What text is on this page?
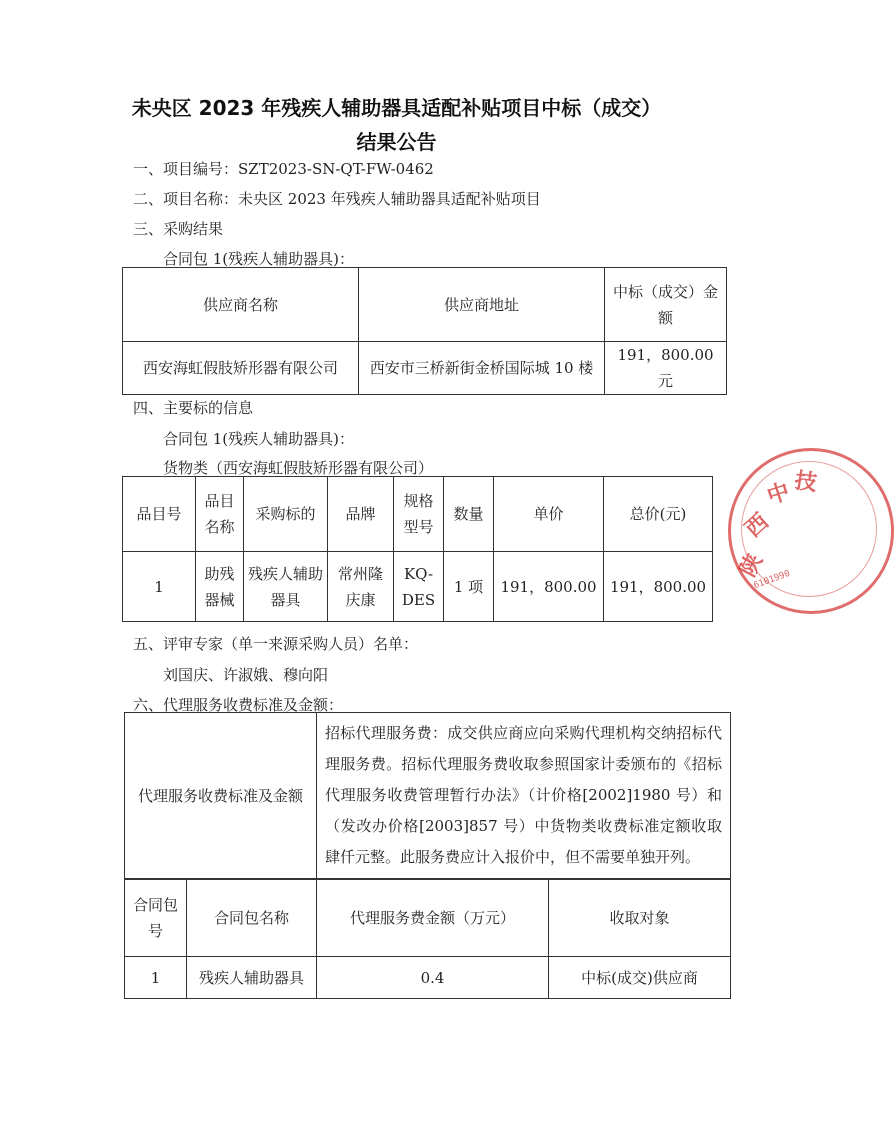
未央区 2023 年残疾人辅助器具适配补贴项目中标（成交）
结果公告
一、项目编号：SZT2023-SN-QT-FW-0462
二、项目名称：未央区 2023 年残疾人辅助器具适配补贴项目
三、采购结果
合同包 1(残疾人辅助器具)：
供应商名称	供应商地址	中标（成交）金额
西安海虹假肢矫形器有限公司	西安市三桥新街金桥国际城 10 楼	191，800.00 元
四、主要标的信息
合同包 1(残疾人辅助器具)：
货物类（西安海虹假肢矫形器有限公司）
品目号	品目名称	采购标的	品牌	规格型号	数量	单价	总价(元)
1	助残器械	残疾人辅助器具	常州隆庆康	KQ-DES	1 项	191，800.00	191，800.00
五、评审专家（单一来源采购人员）名单：
刘国庆、许淑娥、穆向阳
六、代理服务收费标准及金额：
代理服务收费标准及金额	招标代理服务费：成交供应商应向采购代理机构交纳招标代理服务费。招标代理服务费收取参照国家计委颁布的《招标代理服务收费管理暂行办法》（计价格[2002]1980 号）和（发改办价格[2003]857 号）中货物类收费标准定额收取肆仟元整。此服务费应计入报价中，但不需要单独开列。
合同包号	合同包名称	代理服务费金额（万元）	收取对象
1	残疾人辅助器具	0.4	中标(成交)供应商
陕
西
中 技
6101990
